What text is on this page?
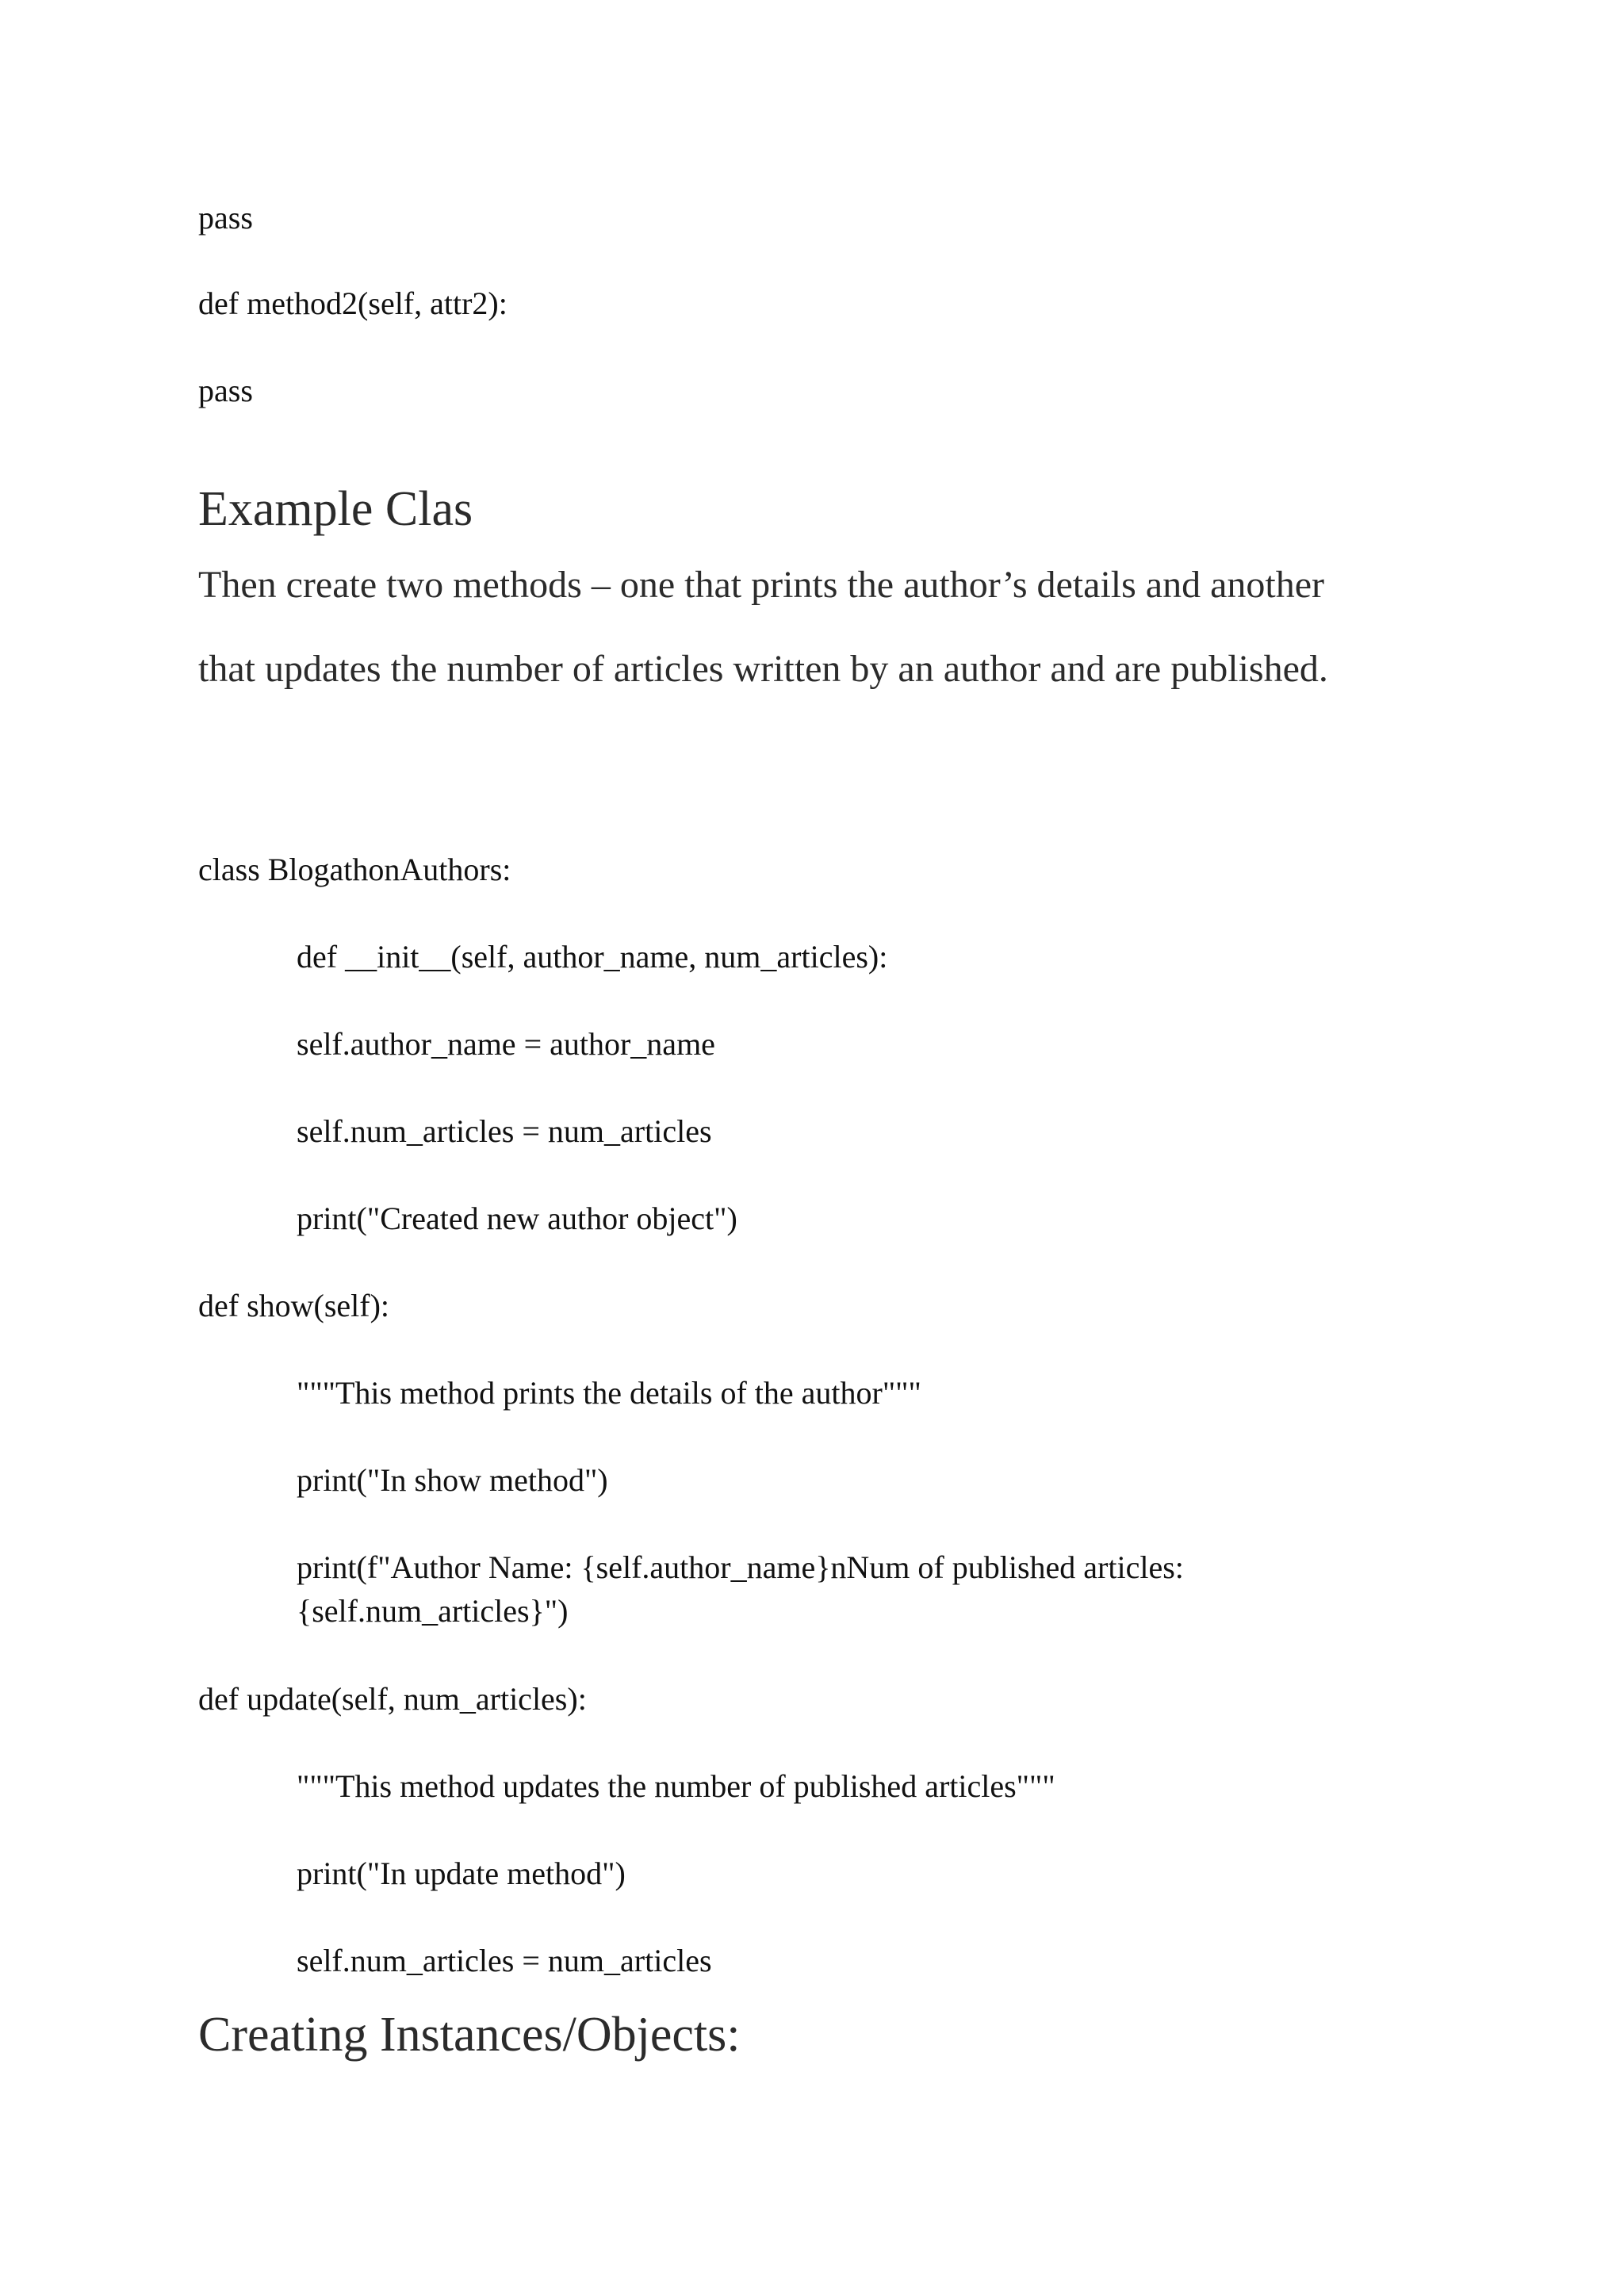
pass
def method2(self, attr2):
pass
Example Clas
Then create two methods – one that prints the author’s details and another
that updates the number of articles written by an author and are published.
class BlogathonAuthors:
def __init__(self, author_name, num_articles):
self.author_name = author_name
self.num_articles = num_articles
print("Created new author object")
def show(self):
"""This method prints the details of the author"""
print("In show method")
print(f"Author Name: {self.author_name}nNum of published articles:
{self.num_articles}")
def update(self, num_articles):
"""This method updates the number of published articles"""
print("In update method")
self.num_articles = num_articles
Creating Instances/Objects:
